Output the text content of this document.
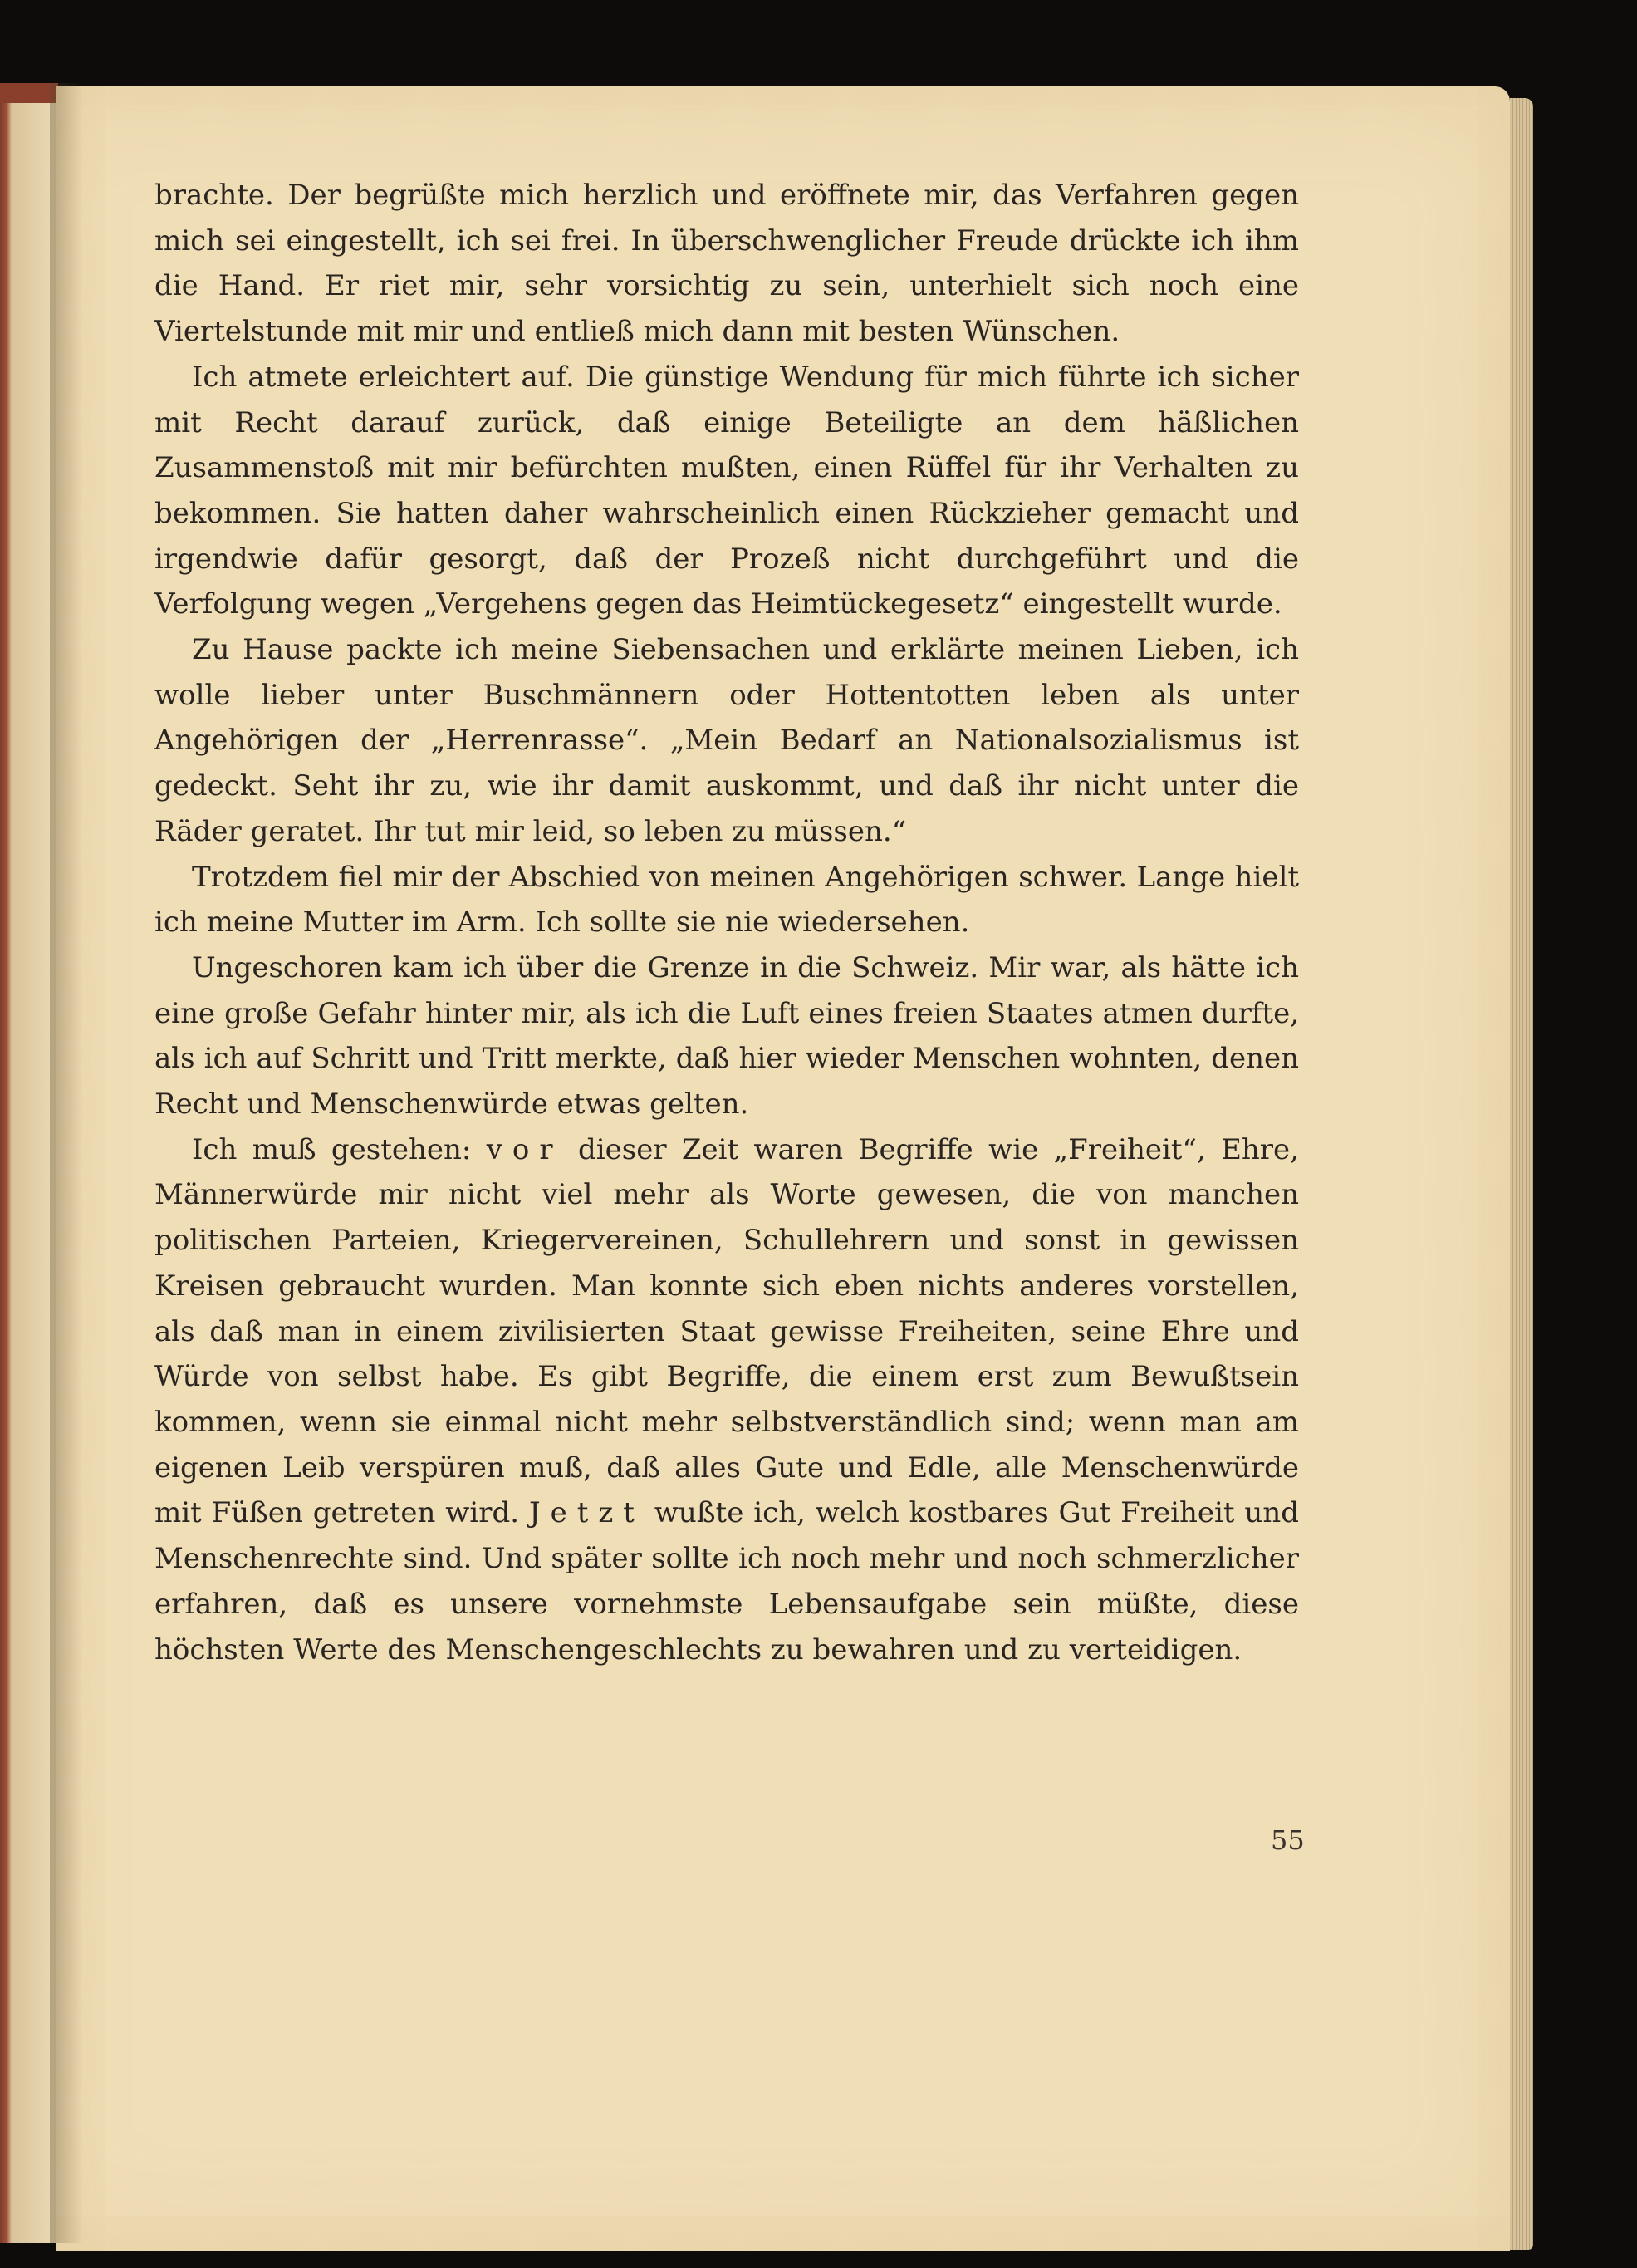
brachte. Der begrüßte mich herzlich und eröffnete mir, das Verfahren gegen mich sei eingestellt, ich sei frei. In überschwenglicher Freude drückte ich ihm die Hand. Er riet mir, sehr vorsichtig zu sein, unterhielt sich noch eine Viertelstunde mit mir und entließ mich dann mit besten Wünschen.

Ich atmete erleichtert auf. Die günstige Wendung für mich führte ich sicher mit Recht darauf zurück, daß einige Beteiligte an dem häßlichen Zusammenstoß mit mir befürchten mußten, einen Rüffel für ihr Verhalten zu bekommen. Sie hatten daher wahrscheinlich einen Rückzieher gemacht und irgendwie dafür gesorgt, daß der Prozeß nicht durchgeführt und die Verfolgung wegen „Vergehens gegen das Heimtückegesetz“ eingestellt wurde.

Zu Hause packte ich meine Siebensachen und erklärte meinen Lieben, ich wolle lieber unter Buschmännern oder Hottentotten leben als unter Angehörigen der „Herrenrasse“. „Mein Bedarf an Nationalsozialismus ist gedeckt. Seht ihr zu, wie ihr damit auskommt, und daß ihr nicht unter die Räder geratet. Ihr tut mir leid, so leben zu müssen.“

Trotzdem fiel mir der Abschied von meinen Angehörigen schwer. Lange hielt ich meine Mutter im Arm. Ich sollte sie nie wiedersehen.

Ungeschoren kam ich über die Grenze in die Schweiz. Mir war, als hätte ich eine große Gefahr hinter mir, als ich die Luft eines freien Staates atmen durfte, als ich auf Schritt und Tritt merkte, daß hier wieder Menschen wohnten, denen Recht und Menschenwürde etwas gelten.

Ich muß gestehen: vor dieser Zeit waren Begriffe wie „Freiheit“, Ehre, Männerwürde mir nicht viel mehr als Worte gewesen, die von manchen politischen Parteien, Kriegervereinen, Schullehrern und sonst in gewissen Kreisen gebraucht wurden. Man konnte sich eben nichts anderes vorstellen, als daß man in einem zivilisierten Staat gewisse Freiheiten, seine Ehre und Würde von selbst habe. Es gibt Begriffe, die einem erst zum Bewußtsein kommen, wenn sie einmal nicht mehr selbstverständlich sind; wenn man am eigenen Leib verspüren muß, daß alles Gute und Edle, alle Menschenwürde mit Füßen getreten wird. Jetzt wußte ich, welch kostbares Gut Freiheit und Menschenrechte sind. Und später sollte ich noch mehr und noch schmerzlicher erfahren, daß es unsere vornehmste Lebensaufgabe sein müßte, diese höchsten Werte des Menschengeschlechts zu bewahren und zu verteidigen.

55
